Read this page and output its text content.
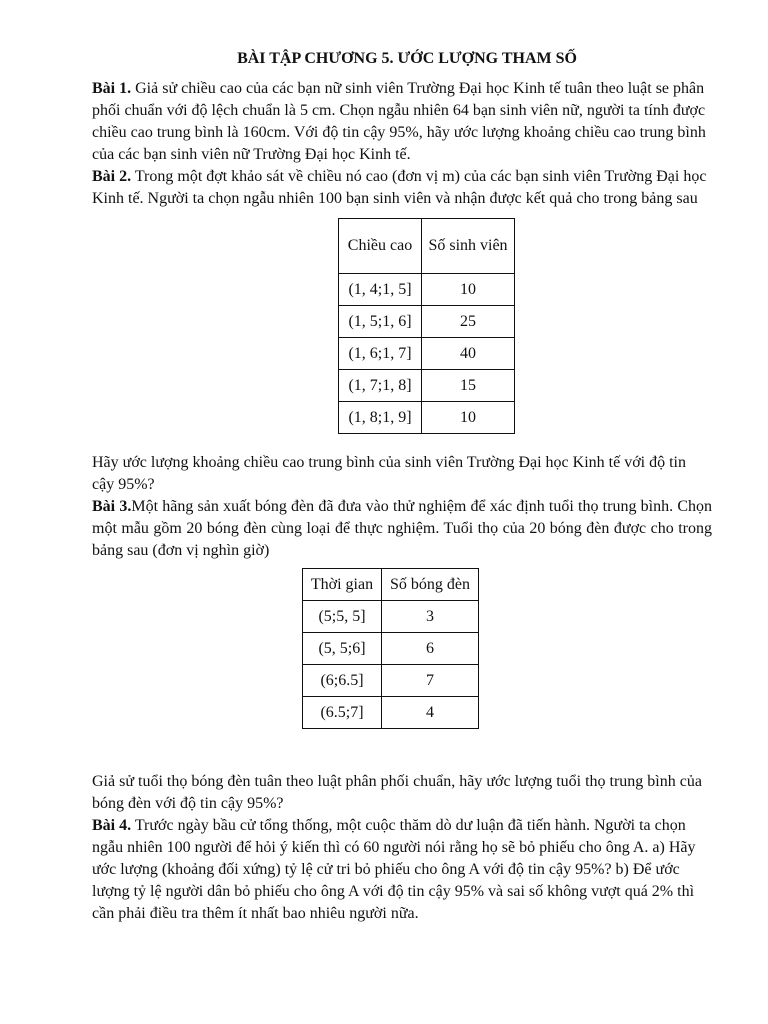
BÀI TẬP CHƯƠNG 5. ƯỚC LƯỢNG THAM SỐ

Bài 1. Giả sử chiều cao của các bạn nữ sinh viên Trường Đại học Kinh tế tuân theo luật se phân phối chuẩn với độ lệch chuẩn là 5 cm. Chọn ngẫu nhiên 64 bạn sinh viên nữ, người ta tính được chiều cao trung bình là 160cm. Với độ tin cậy 95%, hãy ước lượng khoảng chiều cao trung bình của các bạn sinh viên nữ Trường Đại học Kinh tế.

Bài 2. Trong một đợt khảo sát về chiều nó cao (đơn vị m) của các bạn sinh viên Trường Đại học Kinh tế. Người ta chọn ngẫu nhiên 100 bạn sinh viên và nhận được kết quả cho trong bảng sau

Chiều cao	Số sinh viên
(1, 4;1, 5]	10
(1, 5;1, 6]	25
(1, 6;1, 7]	40
(1, 7;1, 8]	15
(1, 8;1, 9]	10

Hãy ước lượng khoảng chiều cao trung bình của sinh viên Trường Đại học Kinh tế với độ tin cậy 95%?

Bài 3.Một hãng sản xuất bóng đèn đã đưa vào thử nghiệm để xác định tuổi thọ trung bình. Chọn một mẫu gồm 20 bóng đèn cùng loại để thực nghiệm. Tuổi thọ của 20 bóng đèn được cho trong bảng sau (đơn vị nghìn giờ)

Thời gian	Số bóng đèn
(5;5, 5]	3
(5, 5;6]	6
(6;6.5]	7
(6.5;7]	4

Giả sử tuổi thọ bóng đèn tuân theo luật phân phối chuẩn, hãy ước lượng tuổi thọ trung bình của bóng đèn với độ tin cậy 95%?

Bài 4. Trước ngày bầu cử tổng thống, một cuộc thăm dò dư luận đã tiến hành. Người ta chọn ngẫu nhiên 100 người để hỏi ý kiến thì có 60 người nói rằng họ sẽ bỏ phiếu cho ông A. a) Hãy ước lượng (khoảng đối xứng) tỷ lệ cử tri bỏ phiếu cho ông A với độ tin cậy 95%? b) Để ước lượng tỷ lệ người dân bỏ phiếu cho ông A với độ tin cậy 95% và sai số không vượt quá 2% thì cần phải điều tra thêm ít nhất bao nhiêu người nữa.
